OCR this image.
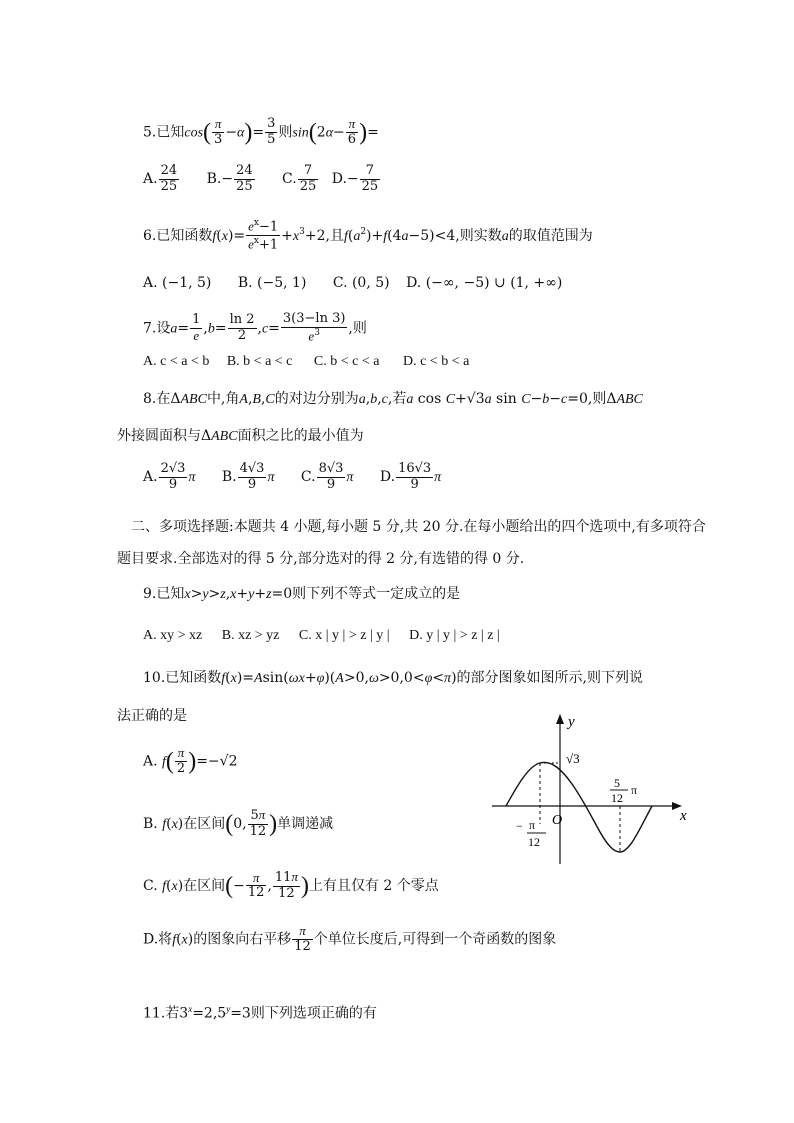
5.已知$\cos( \frac{\pi}{3} -\alpha)= \frac{3}{5}$ 则$\sin(2\alpha- \frac{\pi}{6}$ )=
A. $\frac{24}{25} B.- \frac{24}{25} C$. $\frac{7}{25} D.- \frac{7}{25}$
6.已知函数$f(x)= \frac{e^x-1}{e^x+1} +x^3+2$,且$f(a^2)+f(4a-5)<4$,则实数a的取值范围为
A. (−1, 5) B. (−5, 1) C. (0, 5) D. (−∞, −5) ∪ (1, +∞)
7.设$a= \frac{1}{e} ,b= \frac{\ln 2}{2} ,c= \frac{3(3-\ln 3)}{e^3}$ ,则
A. c < a < b B. b < a < c C. b < c < a D. c < b < a
8.在ΔABC中,角A,B,C的对边分别为a,b,c,若a cos C+√3a sin C−b−c=0,则ΔABC
外接圆面积与ΔABC面积之比的最小值为
A. $\frac{2√3}{9}$ π B. $\frac{4√3}{9}$ π C. $\frac{8√3}{9}$ π D. $\frac{16√3}{9}$ π
二、多项选择题:本题共 4 小题,每小题 5 分,共 20 分.在每小题给出的四个选项中,有多项符合
题目要求.全部选对的得 5 分,部分选对的得 2 分,有选错的得 0 分.
9.已知x>y>z,x+y+z=0则下列不等式一定成立的是
A. xy > xz B. xz > yz C. x | y | > z | y | D. y | y | > z | z |
10.已知函数f(x)=Asin(ωx+φ)(A>0,ω>0,0<φ<π)的部分图象如图所示,则下列说
法正确的是
A. $f( \frac{\pi}{2} )=-√2$
B. f(x)在区间(0, $\frac{5\pi}{12}$ )单调递减
C. f(x)在区间(− $\frac{\pi}{12}$ , $\frac{11\pi}{12}$ )上有且仅有 2 个零点
D.将f(x)的图象向右平移 $\frac{\pi}{12}$ 个单位长度后,可得到一个奇函数的图象
y
x
O
√3
− π
12
5
12
π
11.若$3^x=2,5^y=3$则下列选项正确的有
